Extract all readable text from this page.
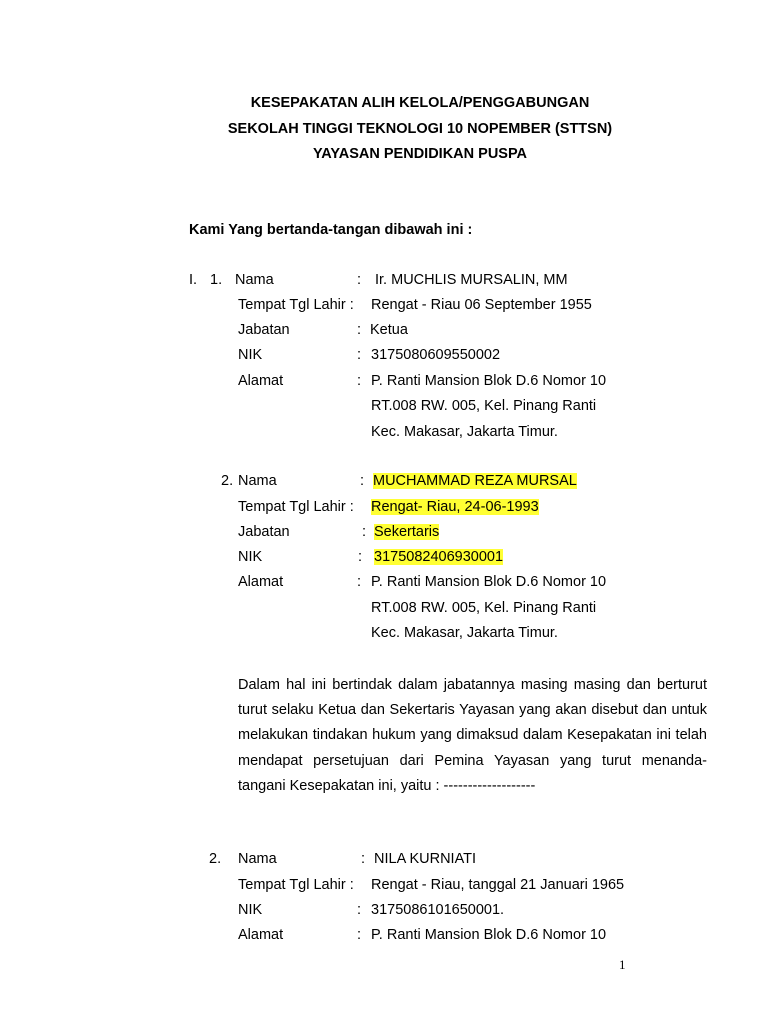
KESEPAKATAN ALIH KELOLA/PENGGABUNGAN
SEKOLAH TINGGI TEKNOLOGI 10 NOPEMBER (STTSN)
YAYASAN PENDIDIKAN PUSPA
Kami Yang bertanda-tangan dibawah ini :
I. 1. Nama	: Ir. MUCHLIS MURSALIN, MM
Tempat Tgl Lahir : Rengat - Riau 06 September 1955
Jabatan	: Ketua
NIK	: 3175080609550002
Alamat	: P. Ranti Mansion Blok D.6 Nomor 10
RT.008 RW. 005, Kel. Pinang Ranti
Kec. Makasar, Jakarta Timur.
2. Nama	: MUCHAMMAD REZA MURSAL
Tempat Tgl Lahir : Rengat- Riau, 24-06-1993
Jabatan	: Sekertaris
NIK	: 3175082406930001
Alamat	: P. Ranti Mansion Blok D.6 Nomor 10
RT.008 RW. 005, Kel. Pinang Ranti
Kec. Makasar, Jakarta Timur.
Dalam hal ini bertindak dalam jabatannya masing masing dan berturut turut selaku Ketua dan Sekertaris Yayasan yang akan disebut dan untuk melakukan tindakan hukum yang dimaksud dalam Kesepakatan ini telah mendapat persetujuan dari Pemina Yayasan yang turut menanda-tangani Kesepakatan ini, yaitu : -------------------
2. Nama	: NILA KURNIATI
Tempat Tgl Lahir : Rengat - Riau, tanggal 21 Januari 1965
NIK	: 3175086101650001.
Alamat	: P. Ranti Mansion Blok D.6 Nomor 10
1
